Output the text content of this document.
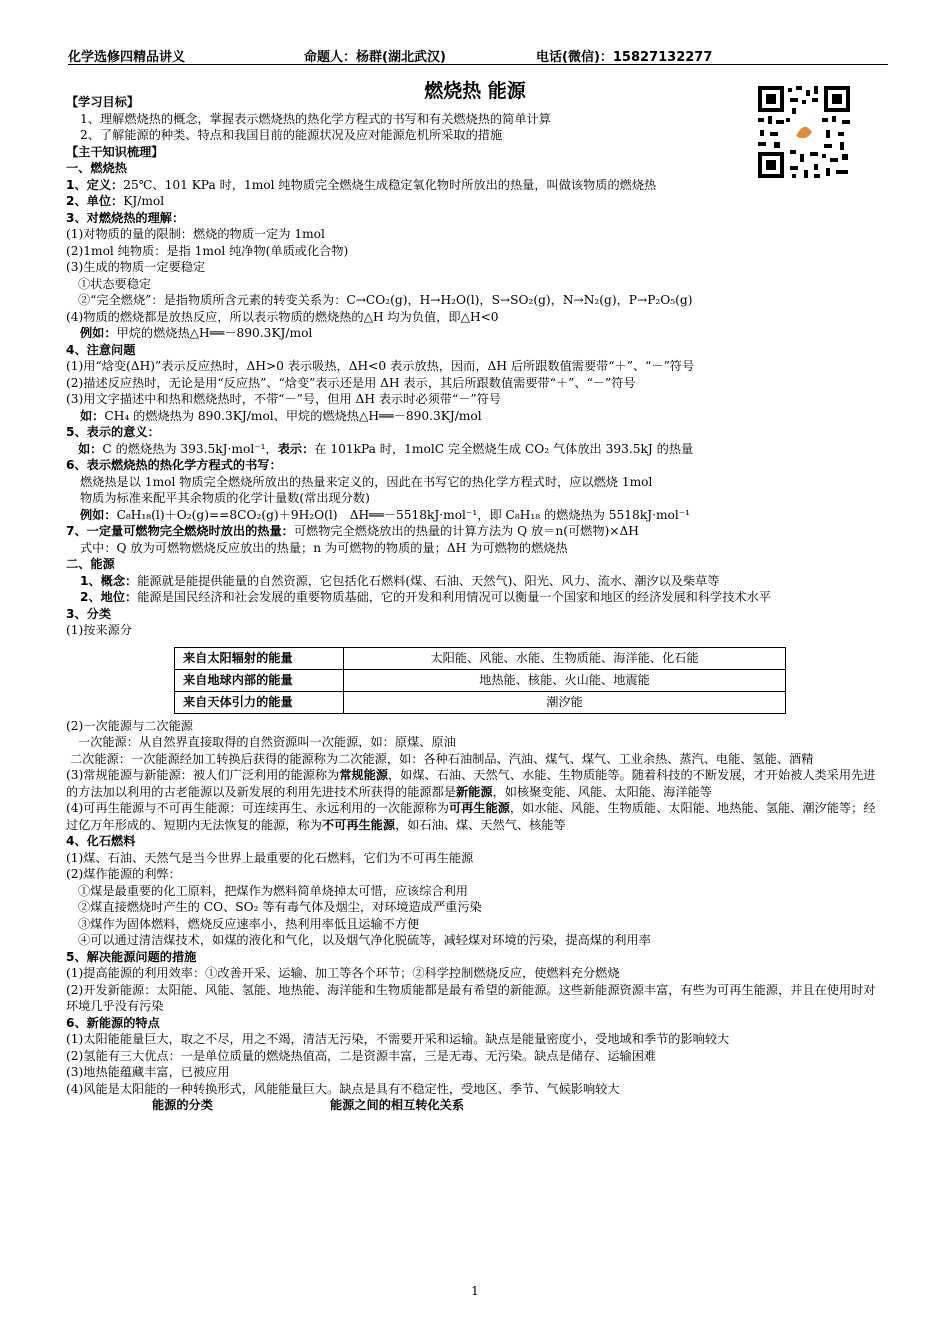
化学选修四精品讲义	命题人：杨群(湖北武汉)	电话(微信)：15827132277
燃烧热 能源
【学习目标】
1、理解燃烧热的概念，掌握表示燃烧热的热化学方程式的书写和有关燃烧热的简单计算
2、了解能源的种类、特点和我国目前的能源状况及应对能源危机所采取的措施
【主干知识梳理】
一、燃烧热
1、定义：25℃、101 KPa 时，1mol 纯物质完全燃烧生成稳定氧化物时所放出的热量，叫做该物质的燃烧热
2、单位：KJ/mol
3、对燃烧热的理解：
(1)对物质的量的限制：燃烧的物质一定为 1mol
(2)1mol 纯物质：是指 1mol 纯净物(单质或化合物)
(3)生成的物质一定要稳定
①状态要稳定
②“完全燃烧”：是指物质所含元素的转变关系为：C→CO₂(g)，H→H₂O(l)，S→SO₂(g)，N→N₂(g)，P→P₂O₅(g)
(4)物质的燃烧都是放热反应，所以表示物质的燃烧热的△H 均为负值，即△H<0
例如：甲烷的燃烧热△H══－890.3KJ/mol
4、注意问题
(1)用“焓变(ΔH)”表示反应热时，ΔH>0 表示吸热，ΔH<0 表示放热，因而，ΔH 后所跟数值需要带“＋”、“－”符号
(2)描述反应热时，无论是用“反应热”、“焓变”表示还是用 ΔH 表示，其后所跟数值需要带“＋”、“－”符号
(3)用文字描述中和热和燃烧热时，不带“－”号，但用 ΔH 表示时必须带“－”符号
如：CH₄ 的燃烧热为 890.3KJ/mol、甲烷的燃烧热△H══－890.3KJ/mol
5、表示的意义：
如：C 的燃烧热为 393.5kJ·mol⁻¹，表示：在 101kPa 时，1molC 完全燃烧生成 CO₂ 气体放出 393.5kJ 的热量
6、表示燃烧热的热化学方程式的书写：
燃烧热是以 1mol 物质完全燃烧所放出的热量来定义的，因此在书写它的热化学方程式时，应以燃烧 1mol
物质为标准来配平其余物质的化学计量数(常出现分数)
例如：C₈H₁₈(l)＋O₂(g)==8CO₂(g)＋9H₂O(l)　ΔH══－5518kJ·mol⁻¹，即 C₈H₁₈ 的燃烧热为 5518kJ·mol⁻¹
7、一定量可燃物完全燃烧时放出的热量：可燃物完全燃烧放出的热量的计算方法为 Q 放＝n(可燃物)×ΔH
式中：Q 放为可燃物燃烧反应放出的热量；n 为可燃物的物质的量；ΔH 为可燃物的燃烧热
二、能源
1、概念：能源就是能提供能量的自然资源，它包括化石燃料(煤、石油、天然气)、阳光、风力、流水、潮汐以及柴草等
2、地位：能源是国民经济和社会发展的重要物质基础，它的开发和利用情况可以衡量一个国家和地区的经济发展和科学技术水平
3、分类
(1)按来源分
来自太阳辐射的能量	太阳能、风能、水能、生物质能、海洋能、化石能
来自地球内部的能量	地热能、核能、火山能、地震能
来自天体引力的能量	潮汐能
(2)一次能源与二次能源
一次能源：从自然界直接取得的自然资源叫一次能源，如：原煤、原油
二次能源：一次能源经加工转换后获得的能源称为二次能源，如：各种石油制品、汽油、煤气、煤气、工业余热、蒸汽、电能、氢能、酒精
(3)常规能源与新能源：被人们广泛利用的能源称为常规能源，如煤、石油、天然气、水能、生物质能等。随着科技的不断发展，才开始被人类采用先进的方法加以利用的古老能源以及新发展的利用先进技术所获得的能源都是新能源，如核聚变能、风能、太阳能、海洋能等
(4)可再生能源与不可再生能源：可连续再生、永远利用的一次能源称为可再生能源，如水能、风能、生物质能、太阳能、地热能、氢能、潮汐能等；经过亿万年形成的、短期内无法恢复的能源，称为不可再生能源，如石油、煤、天然气、核能等
4、化石燃料
(1)煤、石油、天然气是当今世界上最重要的化石燃料，它们为不可再生能源
(2)煤作能源的利弊：
①煤是最重要的化工原料，把煤作为燃料简单烧掉太可惜，应该综合利用
②煤直接燃烧时产生的 CO、SO₂ 等有毒气体及烟尘，对环境造成严重污染
③煤作为固体燃料，燃烧反应速率小，热利用率低且运输不方便
④可以通过清洁煤技术，如煤的液化和气化，以及烟气净化脱硫等，减轻煤对环境的污染，提高煤的利用率
5、解决能源问题的措施
(1)提高能源的利用效率：①改善开采、运输、加工等各个环节；②科学控制燃烧反应，使燃料充分燃烧
(2)开发新能源：太阳能、风能、氢能、地热能、海洋能和生物质能都是最有希望的新能源。这些新能源资源丰富，有些为可再生能源，并且在使用时对环境几乎没有污染
6、新能源的特点
(1)太阳能能量巨大，取之不尽，用之不竭，清洁无污染，不需要开采和运输。缺点是能量密度小，受地域和季节的影响较大
(2)氢能有三大优点：一是单位质量的燃烧热值高，二是资源丰富，三是无毒、无污染。缺点是储存、运输困难
(3)地热能蕴藏丰富，已被应用
(4)风能是太阳能的一种转换形式，风能能量巨大。缺点是具有不稳定性，受地区、季节、气候影响较大
能源的分类	能源之间的相互转化关系
1
